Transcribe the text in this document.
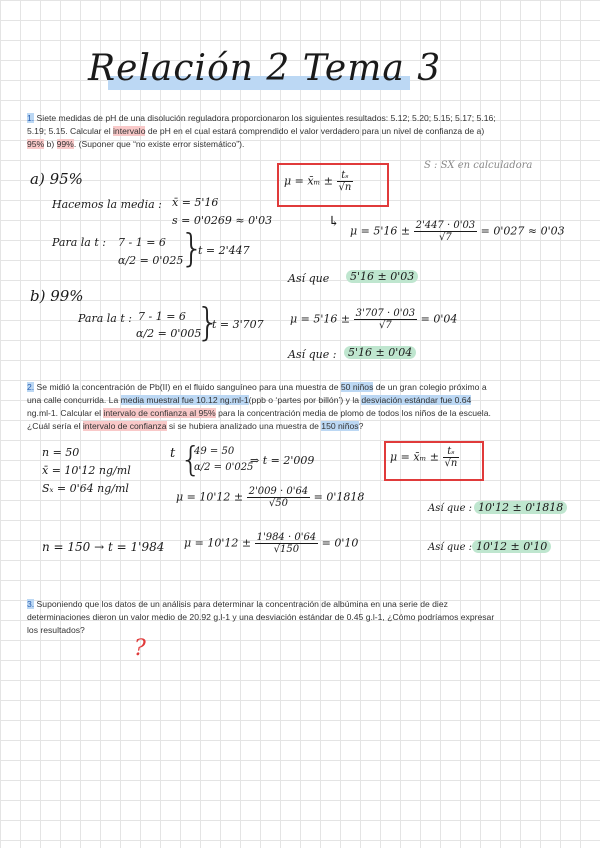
Relación 2 Tema 3
1. Siete medidas de pH de una disolución reguladora proporcionaron los siguientes resultados: 5.12; 5.20; 5.15; 5.17; 5.16;
5.19; 5.15. Calcular el intervalo de pH en el cual estará comprendido el valor verdadero para un nivel de confianza de a)
95% b) 99%. (Suponer que “no existe error sistemático”).
S : SX en calculadora
a) 95%
Hacemos la media : x̄ = 5'16
s = 0'0269 ≈ 0'03
Para la t : 7 - 1 = 6
α/2 = 0'025
}
t = 2'447
μ = x̄ₘ ± $\frac{\text{tₛ}}{√n}$
↳
$\mu = 5'16 \pm \frac{2'447 \cdot 0'03}{√7} = 0'027 \approx 0'03$
Así que	5'16 ± 0'03
b) 99%
Para la t : 7 - 1 = 6
α/2 = 0'005
}
t = 3'707 $\mu = 5'16 \pm \frac{3'707 \cdot 0'03}{√7} = 0'04$
Así que :	5'16 ± 0'04
2. Se midió la concentración de Pb(II) en el fluido sanguíneo para una muestra de 50 niños de un gran colegio próximo a
una calle concurrida. La media muestral fue 10.12 ng.ml-1(ppb o ‘partes por billón’) y la desviación estándar fue 0.64
ng.ml-1. Calcular el intervalo de confianza al 95% para la concentración media de plomo de todos los niños de la escuela.
¿Cuál sería el intervalo de confianza si se hubiera analizado una muestra de 150 niños?
n = 50
x̄ = 10'12 ng/ml
Sₓ = 0'64 ng/ml
t {
49 = 50
α/2 = 0'025
⇒ t = 2'009	μ = x̄ₘ ± $\frac{\text{tₛ}}{√n}$
$\mu = 10'12 \pm \frac{2'009 \cdot 0'64}{√50} = 0'1818$
Así que : 10'12 ± 0'1818
n = 150 → t = 1'984 $\mu = 10'12 \pm \frac{1'984 \cdot 0'64}{√150} = 0'10$	Así que : 10'12 ± 0'10
3. Suponiendo que los datos de un análisis para determinar la concentración de albúmina en una serie de diez
determinaciones dieron un valor medio de 20.92 g.l-1 y una desviación estándar de 0.45 g.l-1, ¿Cómo podríamos expresar
los resultados?
?
